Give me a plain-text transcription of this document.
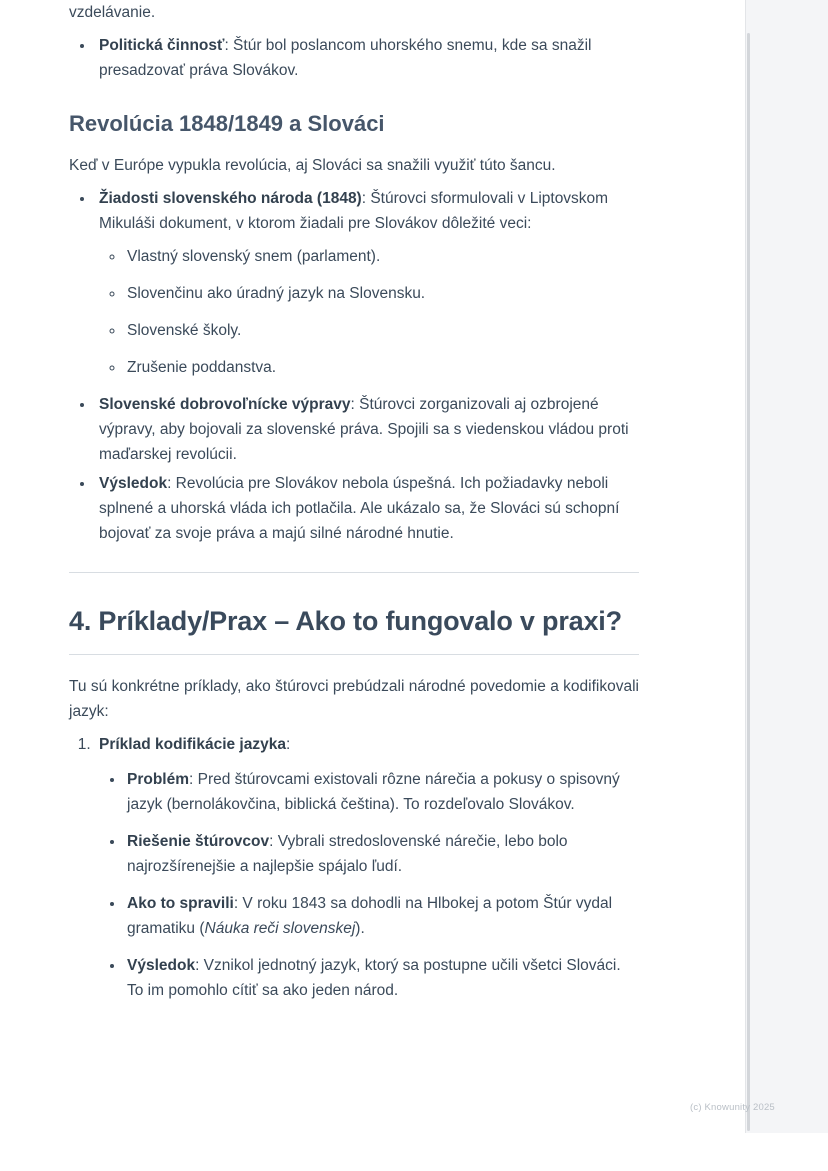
vzdelávanie.

• Politická činnosť: Štúr bol poslancom uhorského snemu, kde sa snažil presadzovať práva Slovákov.
Revolúcia 1848/1849 a Slováci

Keď v Európe vypukla revolúcia, aj Slováci sa snažili využiť túto šancu.

• Žiadosti slovenského národa (1848): Štúrovci sformulovali v Liptovskom Mikuláši dokument, v ktorom žiadali pre Slovákov dôležité veci:
◦ Vlastný slovenský snem (parlament).
◦ Slovenčinu ako úradný jazyk na Slovensku.
◦ Slovenské školy.
◦ Zrušenie poddanstva.
• Slovenské dobrovoľnícke výpravy: Štúrovci zorganizovali aj ozbrojené výpravy, aby bojovali za slovenské práva. Spojili sa s viedenskou vládou proti maďarskej revolúcii.
• Výsledok: Revolúcia pre Slovákov nebola úspešná. Ich požiadavky neboli splnené a uhorská vláda ich potlačila. Ale ukázalo sa, že Slováci sú schopní bojovať za svoje práva a majú silné národné hnutie.
4. Príklady/Prax – Ako to fungovalo v praxi?

Tu sú konkrétne príklady, ako štúrovci prebúdzali národné povedomie a kodifikovali jazyk:

1. Príklad kodifikácie jazyka:
• Problém: Pred štúrovcami existovali rôzne nárečia a pokusy o spisovný jazyk (bernolákovčina, biblická čeština). To rozdeľovalo Slovákov.
• Riešenie štúrovcov: Vybrali stredoslovenské nárečie, lebo bolo najrozšírenejšie a najlepšie spájalo ľudí.
• Ako to spravili: V roku 1843 sa dohodli na Hlbokej a potom Štúr vydal gramatiku (Náuka reči slovenskej).
• Výsledok: Vznikol jednotný jazyk, ktorý sa postupne učili všetci Slováci. To im pomohlo cítiť sa ako jeden národ.
(c) Knowunity 2025
